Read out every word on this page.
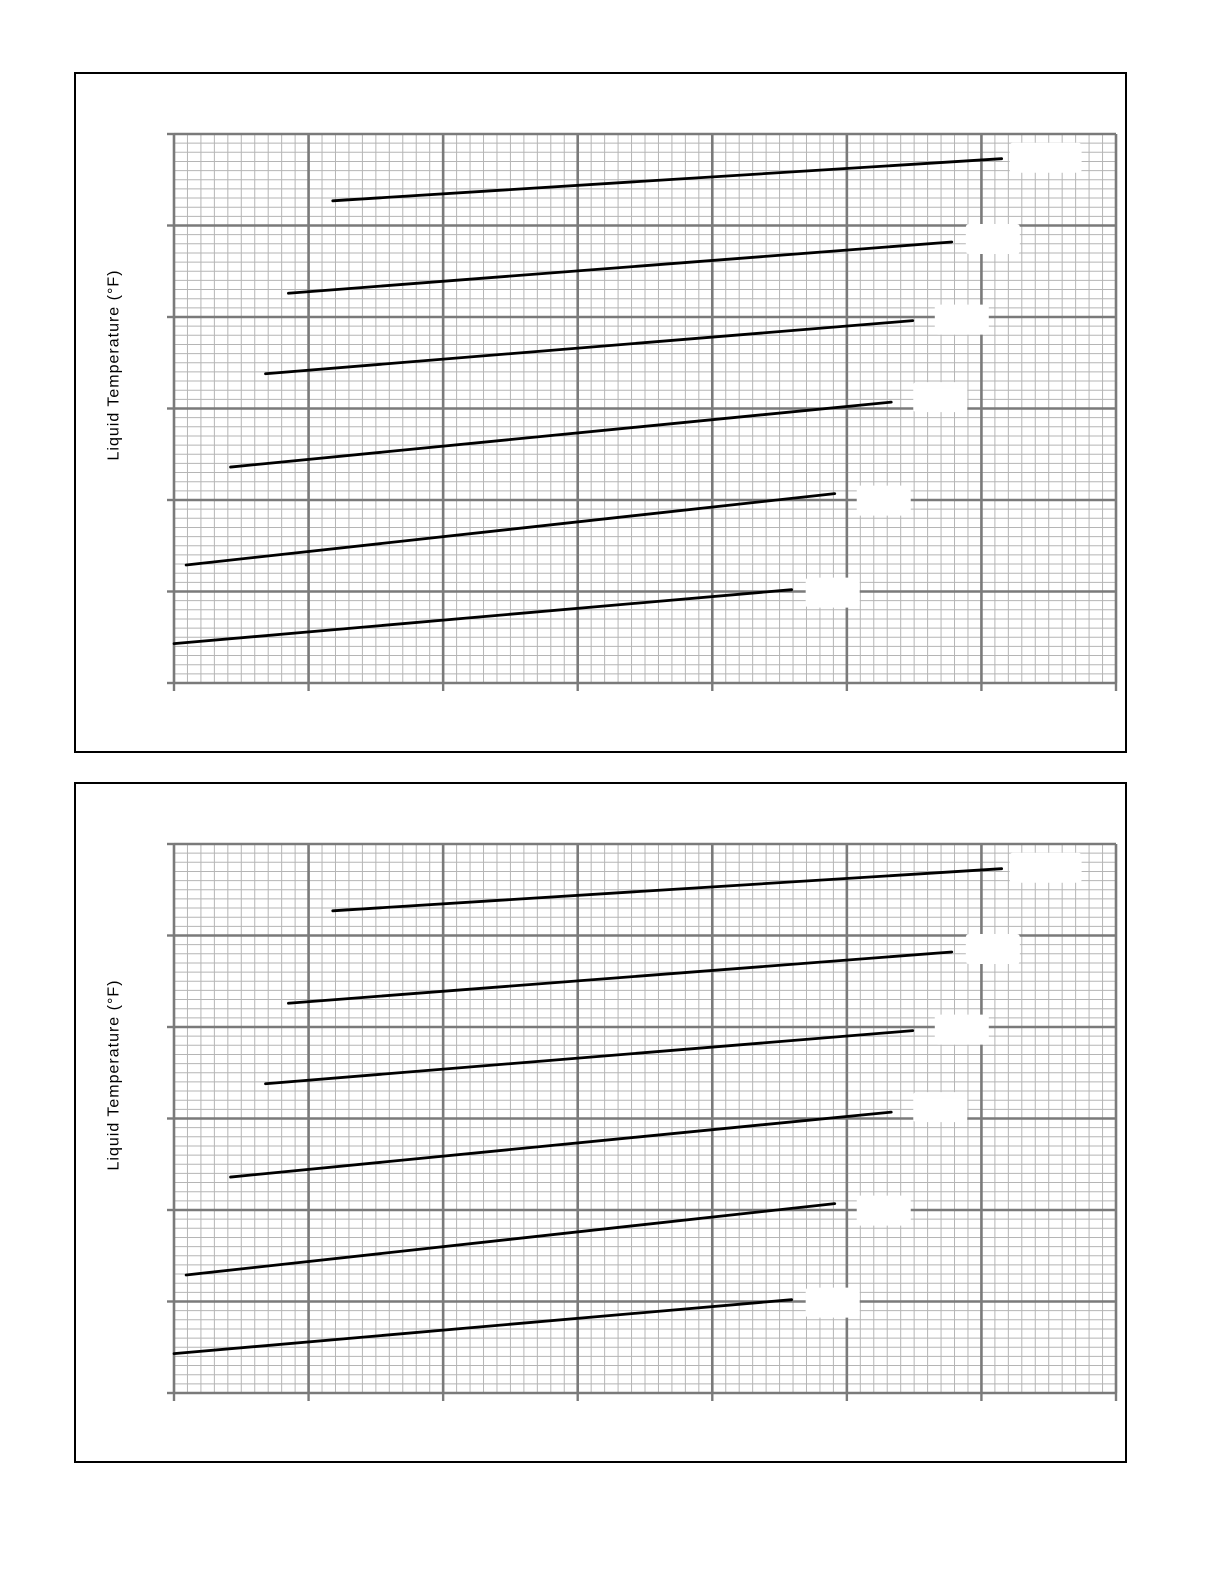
Liquid Temperature (°F)
Liquid Temperature (°F)
